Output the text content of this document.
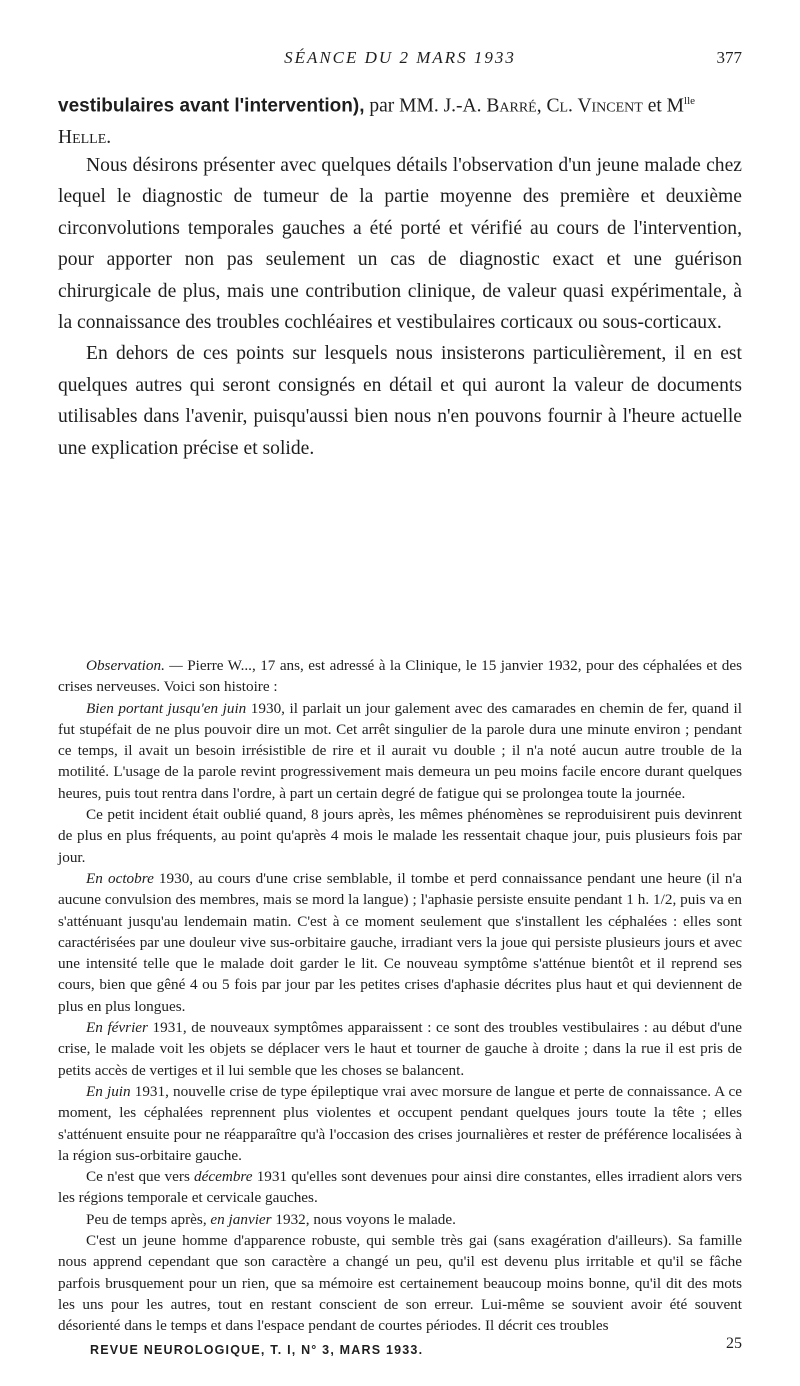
SÉANCE DU 2 MARS 1933	377
vestibulaires avant l'intervention), par MM. J.-A. Barré, Cl. Vincent et $M^{lle}$ Helle.

Nous désirons présenter avec quelques détails l'observation d'un jeune malade chez lequel le diagnostic de tumeur de la partie moyenne des première et deuxième circonvolutions temporales gauches a été porté et vérifié au cours de l'intervention, pour apporter non pas seulement un cas de diagnostic exact et une guérison chirurgicale de plus, mais une contribution clinique, de valeur quasi expérimentale, à la connaissance des troubles cochléaires et vestibulaires corticaux ou sous-corticaux.

En dehors de ces points sur lesquels nous insisterons particulièrement, il en est quelques autres qui seront consignés en détail et qui auront la valeur de documents utilisables dans l'avenir, puisqu'aussi bien nous n'en pouvons fournir à l'heure actuelle une explication précise et solide.

Observation. — Pierre W..., 17 ans, est adressé à la Clinique, le 15 janvier 1932, pour des céphalées et des crises nerveuses. Voici son histoire :

Bien portant jusqu'en juin 1930, il parlait un jour galement avec des camarades en chemin de fer, quand il fut stupéfait de ne plus pouvoir dire un mot. Cet arrêt singulier de la parole dura une minute environ ; pendant ce temps, il avait un besoin irrésistible de rire et il aurait vu double ; il n'a noté aucun autre trouble de la motilité. L'usage de la parole revint progressivement mais demeura un peu moins facile encore durant quelques heures, puis tout rentra dans l'ordre, à part un certain degré de fatigue qui se prolongea toute la journée.

Ce petit incident était oublié quand, 8 jours après, les mêmes phénomènes se reproduisirent puis devinrent de plus en plus fréquents, au point qu'après 4 mois le malade les ressentait chaque jour, puis plusieurs fois par jour.

En octobre 1930, au cours d'une crise semblable, il tombe et perd connaissance pendant une heure (il n'a aucune convulsion des membres, mais se mord la langue) ; l'aphasie persiste ensuite pendant 1 h. 1/2, puis va en s'atténuant jusqu'au lendemain matin. C'est à ce moment seulement que s'installent les céphalées : elles sont caractérisées par une douleur vive sus-orbitaire gauche, irradiant vers la joue qui persiste plusieurs jours et avec une intensité telle que le malade doit garder le lit. Ce nouveau symptôme s'atténue bientôt et il reprend ses cours, bien que gêné 4 ou 5 fois par jour par les petites crises d'aphasie décrites plus haut et qui deviennent de plus en plus longues.

En février 1931, de nouveaux symptômes apparaissent : ce sont des troubles vestibulaires : au début d'une crise, le malade voit les objets se déplacer vers le haut et tourner de gauche à droite ; dans la rue il est pris de petits accès de vertiges et il lui semble que les choses se balancent.

En juin 1931, nouvelle crise de type épileptique vrai avec morsure de langue et perte de connaissance. A ce moment, les céphalées reprennent plus violentes et occupent pendant quelques jours toute la tête ; elles s'atténuent ensuite pour ne réapparaître qu'à l'occasion des crises journalières et rester de préférence localisées à la région sus-orbitaire gauche.

Ce n'est que vers décembre 1931 qu'elles sont devenues pour ainsi dire constantes, elles irradient alors vers les régions temporale et cervicale gauches.

Peu de temps après, en janvier 1932, nous voyons le malade.

C'est un jeune homme d'apparence robuste, qui semble très gai (sans exagération d'ailleurs). Sa famille nous apprend cependant que son caractère a changé un peu, qu'il est devenu plus irritable et qu'il se fâche parfois brusquement pour un rien, que sa mémoire est certainement beaucoup moins bonne, qu'il dit des mots les uns pour les autres, tout en restant conscient de son erreur. Lui-même se souvient avoir été souvent désorienté dans le temps et dans l'espace pendant de courtes périodes. Il décrit ces troubles

REVUE NEUROLOGIQUE, T. I, N° 3, MARS 1933.	25
